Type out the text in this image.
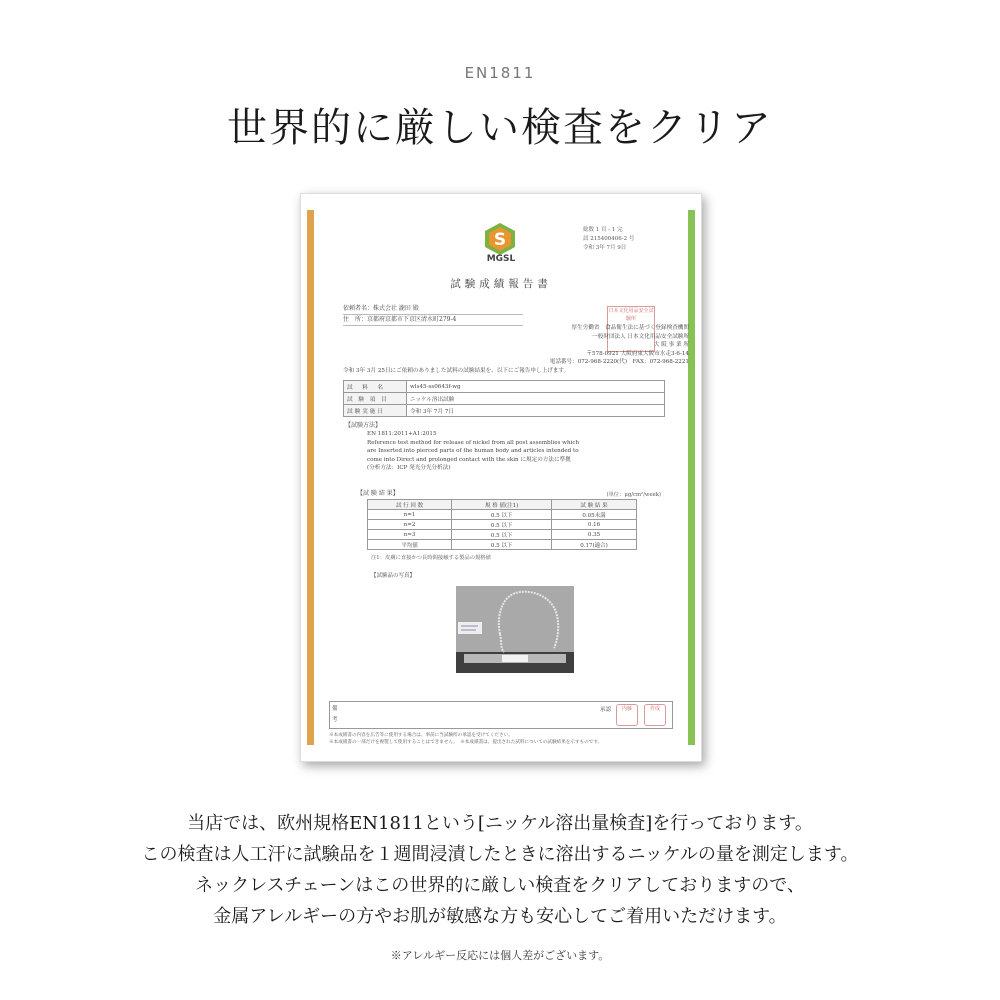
EN1811
世界的に厳しい検査をクリア
S
MGSL
総数 1 頁 - 1 完
試 215400406-2 号
令和 3年 7月 9日
試験成績報告書
依頼者名：株式会社 瀧田 殿
住　所：京都府京都市下京区清水町279-4
日本文化用品安全試験所
厚生労働省　食品衛生法に基づく登録検査機関
一般財団法人 日本文化用品安全試験所
大 阪 事 業 所
〒578-0921 大阪府東大阪市水走3-6-14
電話番号：072-968-2220(代)　FAX：072-968-2221
令和 3年 3月 25日にご依頼のありました試料の試験結果を、以下にご報告申し上げます。
試　料　名	wls45-ss0643f-wg
試 験 項 目	ニッケル溶出試験
試験実施日	令和 3年 7月 7日
【試験方法】
EN 1811:2011+A1:2015
Reference test method for release of nickel from all post assemblies which
are Inserted into pierced parts of the human body and articles intended to
come into Direct and prolonged contact with the skin に規定の方法に準拠
(分析方法：ICP 発光分光分析法)
【試 験 結 果】	(単位：μg/cm²/week)
試 行 回 数	規 格 値(注1)	試 験 結 果
n=1	0.5 以下	0.05未満
n=2	0.5 以下	0.16
n=3	0.5 以下	0.35
平均値	0.5 以下	0.17(適合)
注1：皮膚に直接かつ長時間接触する製品の規格値
【試験品の写真】
備考
承認	内藤	作成
※本成績書の内容を広告等に使用する場合は、事前に当試験所の承認を受けてください。
※本成績書の一部だけを複製して使用することはできません。　※本成績書は、提出された試料についての試験結果を示すものです。
当店では、欧州規格EN1811という[ニッケル溶出量検査]を行っております。
この検査は人工汗に試験品を１週間浸漬したときに溶出するニッケルの量を測定します。
ネックレスチェーンはこの世界的に厳しい検査をクリアしておりますので、
金属アレルギーの方やお肌が敏感な方も安心してご着用いただけます。
※アレルギー反応には個人差がございます。
